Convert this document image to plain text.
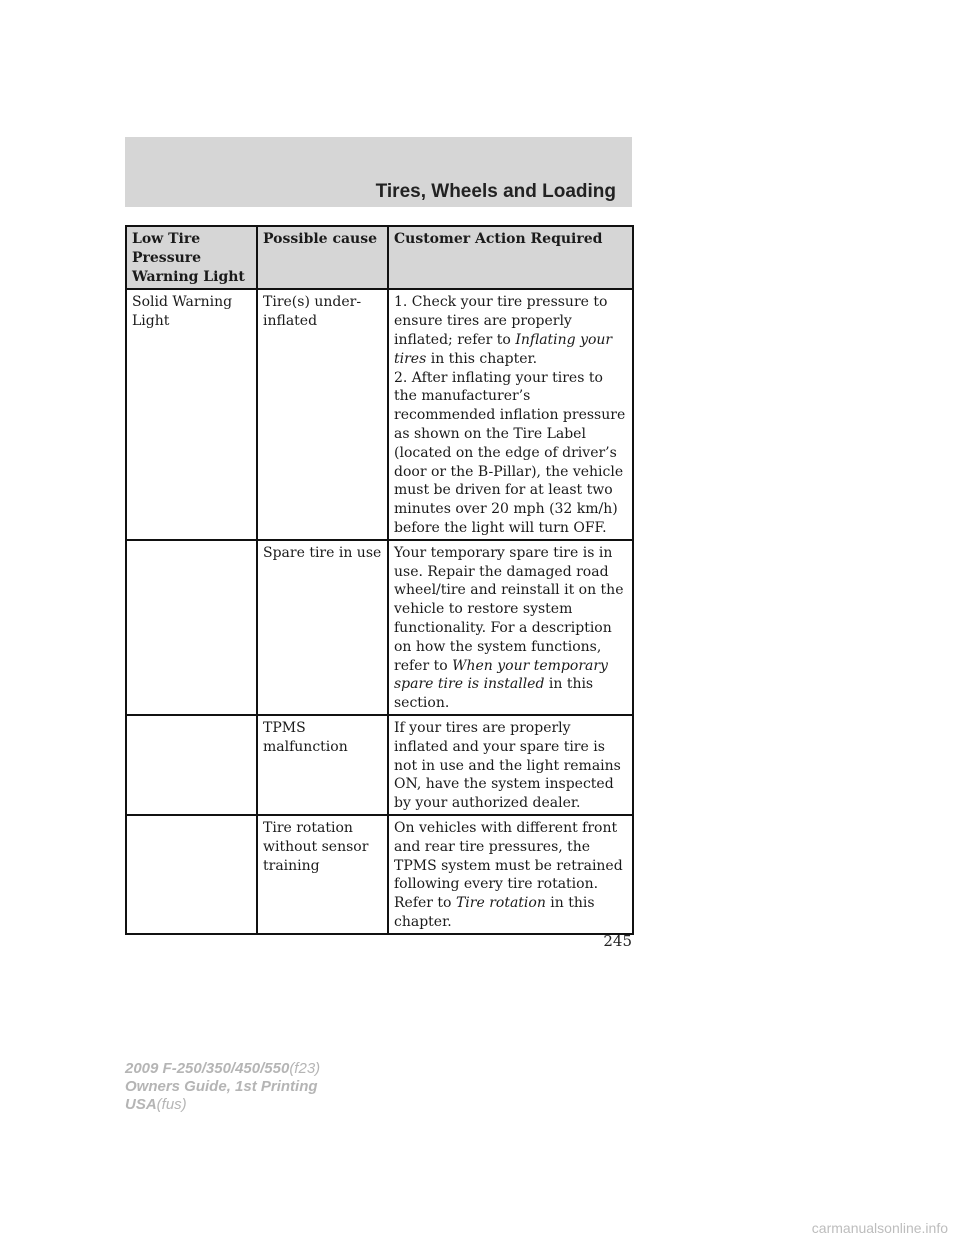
Tires, Wheels and Loading
Low Tire Pressure Warning Light	Possible cause	Customer Action Required
Solid Warning Light	Tire(s) under-inflated	1. Check your tire pressure to ensure tires are properly inflated; refer to Inflating your tires in this chapter.
2. After inflating your tires to the manufacturer’s recommended inflation pressure as shown on the Tire Label (located on the edge of driver’s door or the B-Pillar), the vehicle must be driven for at least two minutes over 20 mph (32 km/h) before the light will turn OFF.

	Spare tire in use	Your temporary spare tire is in use. Repair the damaged road wheel/tire and reinstall it on the vehicle to restore system functionality. For a description on how the system functions, refer to When your temporary spare tire is installed in this section.
	TPMS malfunction	If your tires are properly inflated and your spare tire is not in use and the light remains ON, have the system inspected by your authorized dealer.
	Tire rotation without sensor training	On vehicles with different front and rear tire pressures, the TPMS system must be retrained following every tire rotation. Refer to Tire rotation in this chapter.
245
2009 F-250/350/450/550(f23)
Owners Guide, 1st Printing
USA(fus)
carmanualsonline.info
